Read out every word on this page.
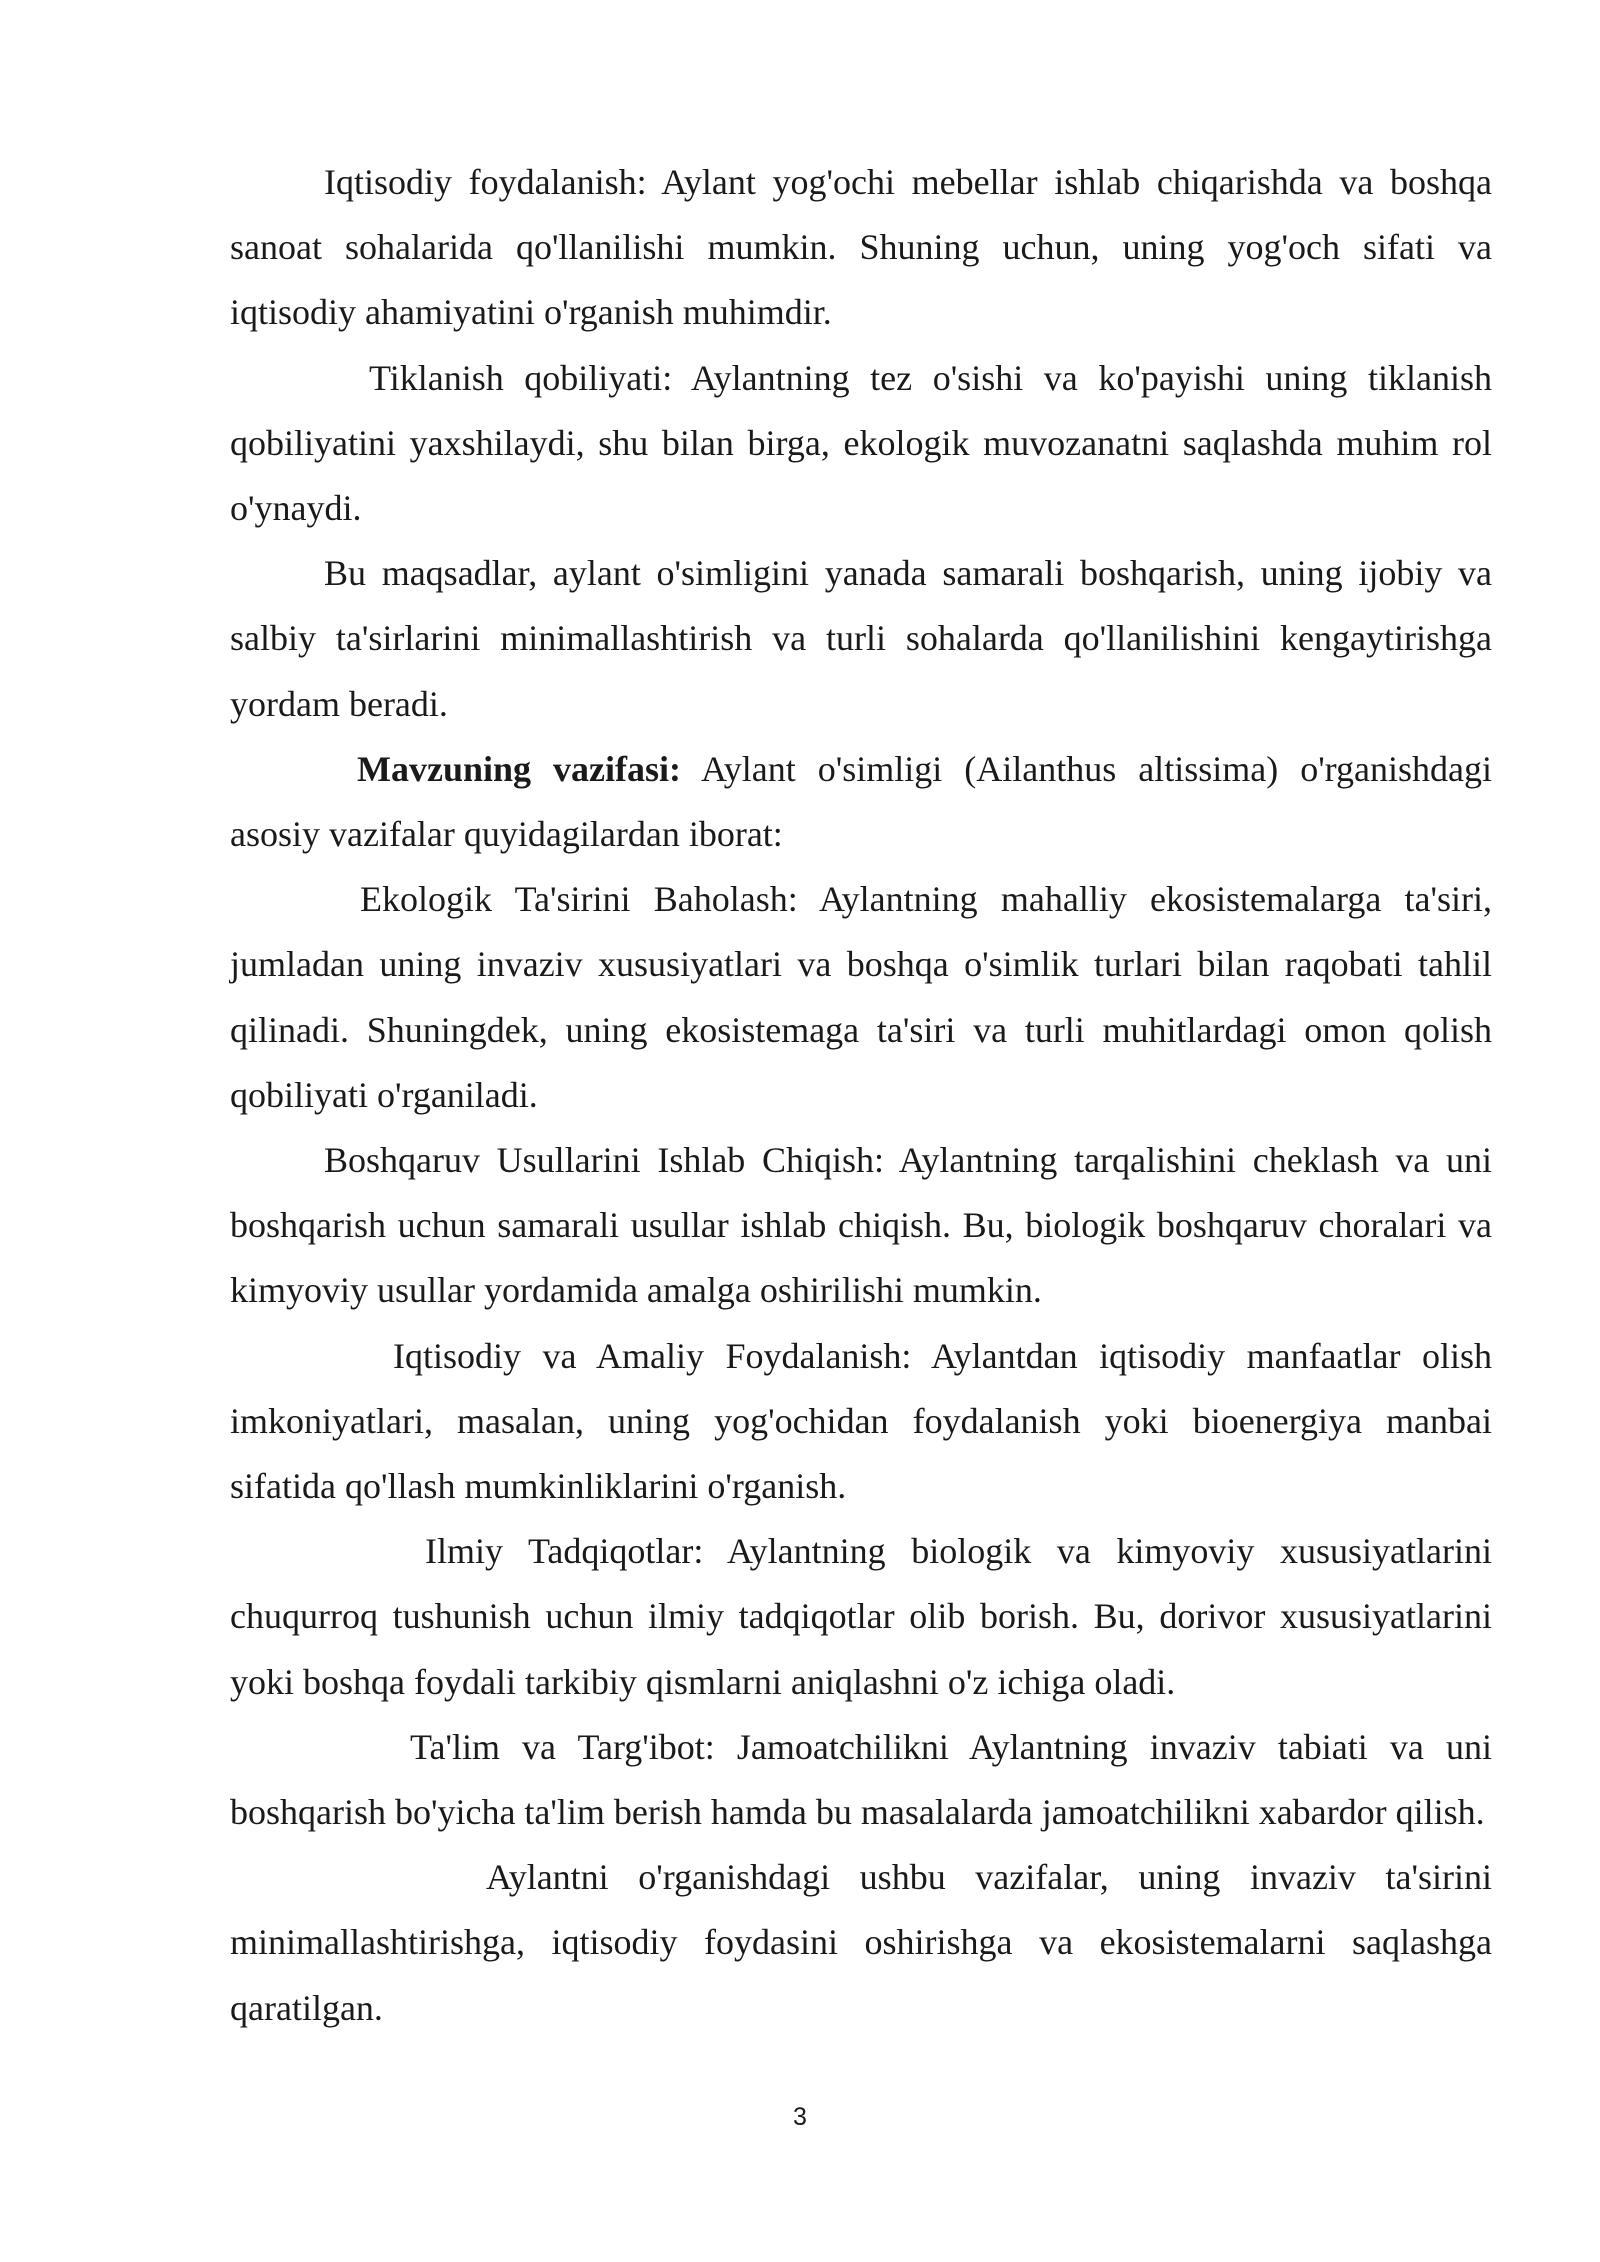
Iqtisodiy foydalanish: Aylant yog'ochi mebellar ishlab chiqarishda va boshqa sanoat sohalarida qo'llanilishi mumkin. Shuning uchun, uning yog'och sifati va iqtisodiy ahamiyatini o'rganish muhimdir.

Tiklanish qobiliyati: Aylantning tez o'sishi va ko'payishi uning tiklanish qobiliyatini yaxshilaydi, shu bilan birga, ekologik muvozanatni saqlashda muhim rol o'ynaydi.

Bu maqsadlar, aylant o'simligini yanada samarali boshqarish, uning ijobiy va salbiy ta'sirlarini minimallashtirish va turli sohalarda qo'llanilishini kengaytirishga yordam beradi.

Mavzuning vazifasi: Aylant o'simligi (Ailanthus altissima) o'rganishdagi asosiy vazifalar quyidagilardan iborat:

Ekologik Ta'sirini Baholash: Aylantning mahalliy ekosistemalarga ta'siri, jumladan uning invaziv xususiyatlari va boshqa o'simlik turlari bilan raqobati tahlil qilinadi. Shuningdek, uning ekosistemaga ta'siri va turli muhitlardagi omon qolish qobiliyati o'rganiladi.

Boshqaruv Usullarini Ishlab Chiqish: Aylantning tarqalishini cheklash va uni boshqarish uchun samarali usullar ishlab chiqish. Bu, biologik boshqaruv choralari va kimyoviy usullar yordamida amalga oshirilishi mumkin.

Iqtisodiy va Amaliy Foydalanish: Aylantdan iqtisodiy manfaatlar olish imkoniyatlari, masalan, uning yog'ochidan foydalanish yoki bioenergiya manbai sifatida qo'llash mumkinliklarini o'rganish.

Ilmiy Tadqiqotlar: Aylantning biologik va kimyoviy xususiyatlarini chuqurroq tushunish uchun ilmiy tadqiqotlar olib borish. Bu, dorivor xususiyatlarini yoki boshqa foydali tarkibiy qismlarni aniqlashni o'z ichiga oladi.

Ta'lim va Targ'ibot: Jamoatchilikni Aylantning invaziv tabiati va uni boshqarish bo'yicha ta'lim berish hamda bu masalalarda jamoatchilikni xabardor qilish.

Aylantni o'rganishdagi ushbu vazifalar, uning invaziv ta'sirini minimallashtirishga, iqtisodiy foydasini oshirishga va ekosistemalarni saqlashga qaratilgan.

3
